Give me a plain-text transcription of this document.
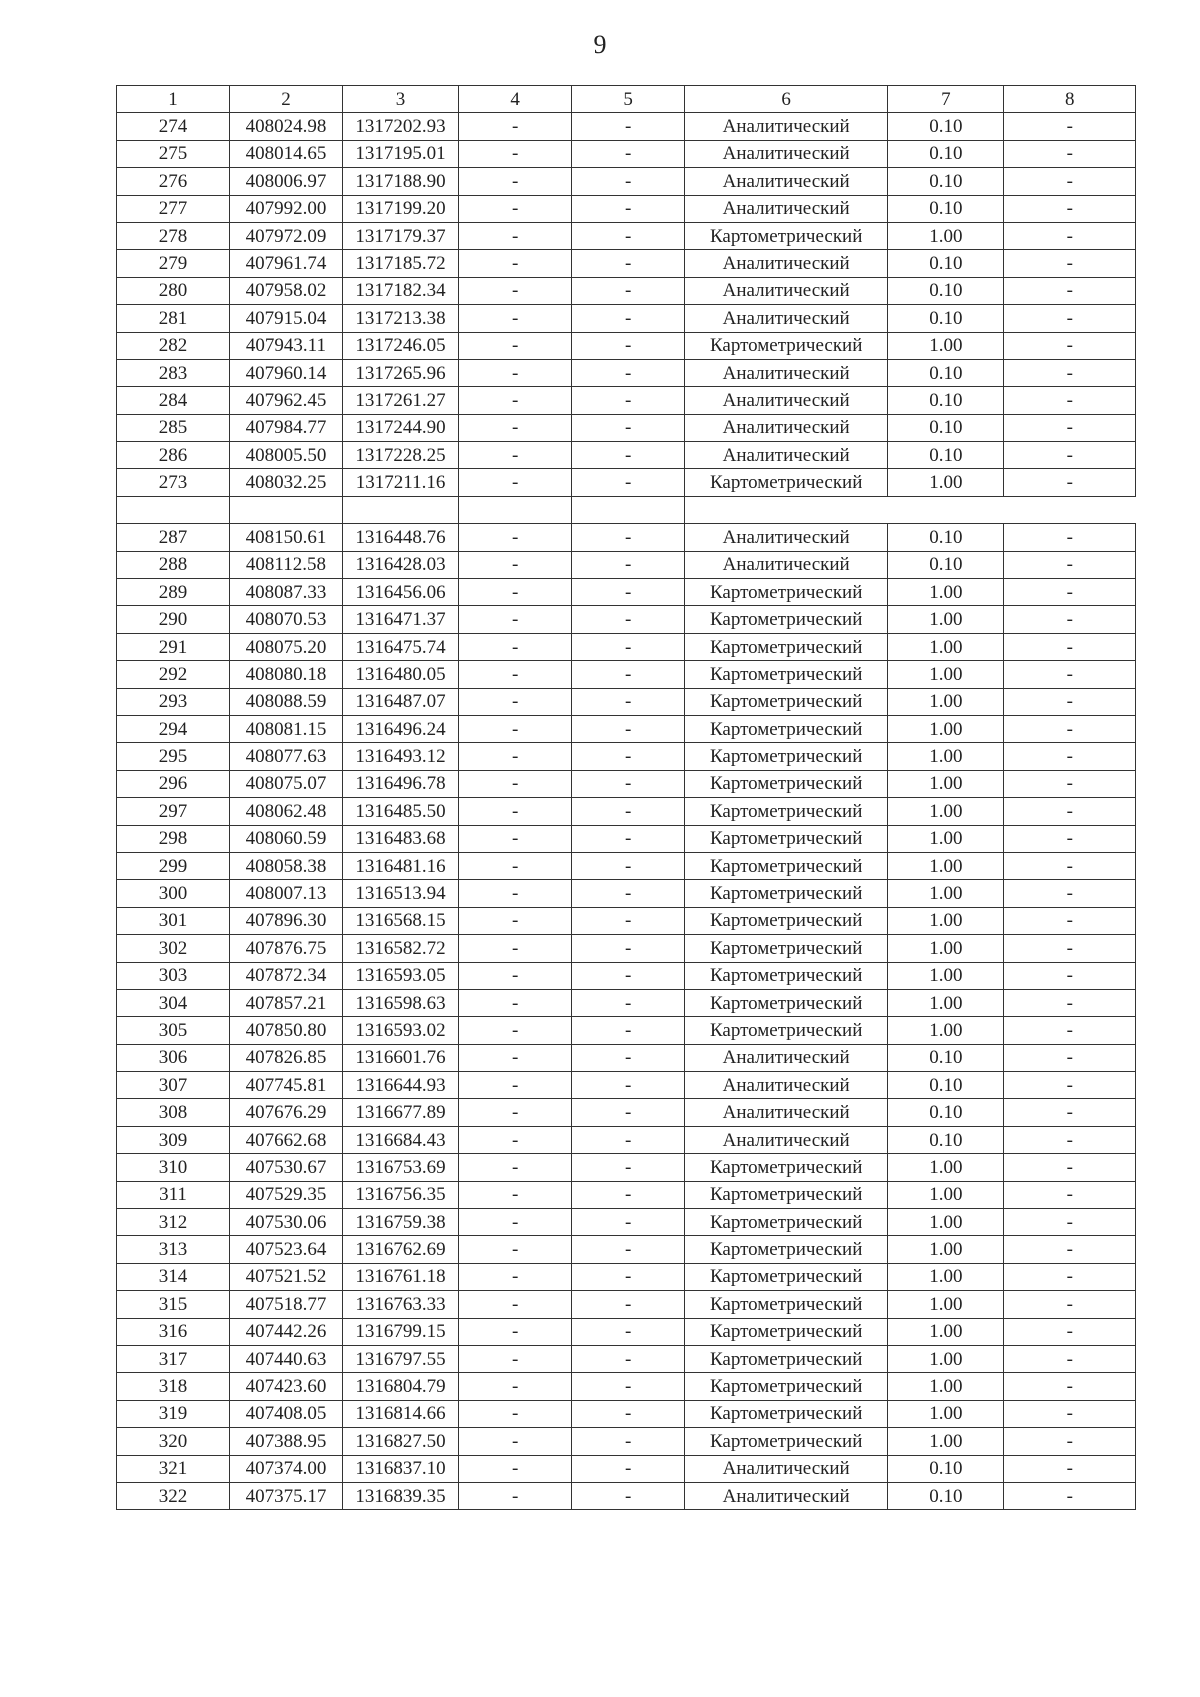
9
1	2	3	4	5	6	7	8
274	408024.98	1317202.93	-	-	Аналитический	0.10	-
275	408014.65	1317195.01	-	-	Аналитический	0.10	-
276	408006.97	1317188.90	-	-	Аналитический	0.10	-
277	407992.00	1317199.20	-	-	Аналитический	0.10	-
278	407972.09	1317179.37	-	-	Картометрический	1.00	-
279	407961.74	1317185.72	-	-	Аналитический	0.10	-
280	407958.02	1317182.34	-	-	Аналитический	0.10	-
281	407915.04	1317213.38	-	-	Аналитический	0.10	-
282	407943.11	1317246.05	-	-	Картометрический	1.00	-
283	407960.14	1317265.96	-	-	Аналитический	0.10	-
284	407962.45	1317261.27	-	-	Аналитический	0.10	-
285	407984.77	1317244.90	-	-	Аналитический	0.10	-
286	408005.50	1317228.25	-	-	Аналитический	0.10	-
273	408032.25	1317211.16	-	-	Картометрический	1.00	-

287	408150.61	1316448.76	-	-	Аналитический	0.10	-
288	408112.58	1316428.03	-	-	Аналитический	0.10	-
289	408087.33	1316456.06	-	-	Картометрический	1.00	-
290	408070.53	1316471.37	-	-	Картометрический	1.00	-
291	408075.20	1316475.74	-	-	Картометрический	1.00	-
292	408080.18	1316480.05	-	-	Картометрический	1.00	-
293	408088.59	1316487.07	-	-	Картометрический	1.00	-
294	408081.15	1316496.24	-	-	Картометрический	1.00	-
295	408077.63	1316493.12	-	-	Картометрический	1.00	-
296	408075.07	1316496.78	-	-	Картометрический	1.00	-
297	408062.48	1316485.50	-	-	Картометрический	1.00	-
298	408060.59	1316483.68	-	-	Картометрический	1.00	-
299	408058.38	1316481.16	-	-	Картометрический	1.00	-
300	408007.13	1316513.94	-	-	Картометрический	1.00	-
301	407896.30	1316568.15	-	-	Картометрический	1.00	-
302	407876.75	1316582.72	-	-	Картометрический	1.00	-
303	407872.34	1316593.05	-	-	Картометрический	1.00	-
304	407857.21	1316598.63	-	-	Картометрический	1.00	-
305	407850.80	1316593.02	-	-	Картометрический	1.00	-
306	407826.85	1316601.76	-	-	Аналитический	0.10	-
307	407745.81	1316644.93	-	-	Аналитический	0.10	-
308	407676.29	1316677.89	-	-	Аналитический	0.10	-
309	407662.68	1316684.43	-	-	Аналитический	0.10	-
310	407530.67	1316753.69	-	-	Картометрический	1.00	-
311	407529.35	1316756.35	-	-	Картометрический	1.00	-
312	407530.06	1316759.38	-	-	Картометрический	1.00	-
313	407523.64	1316762.69	-	-	Картометрический	1.00	-
314	407521.52	1316761.18	-	-	Картометрический	1.00	-
315	407518.77	1316763.33	-	-	Картометрический	1.00	-
316	407442.26	1316799.15	-	-	Картометрический	1.00	-
317	407440.63	1316797.55	-	-	Картометрический	1.00	-
318	407423.60	1316804.79	-	-	Картометрический	1.00	-
319	407408.05	1316814.66	-	-	Картометрический	1.00	-
320	407388.95	1316827.50	-	-	Картометрический	1.00	-
321	407374.00	1316837.10	-	-	Аналитический	0.10	-
322	407375.17	1316839.35	-	-	Аналитический	0.10	-
